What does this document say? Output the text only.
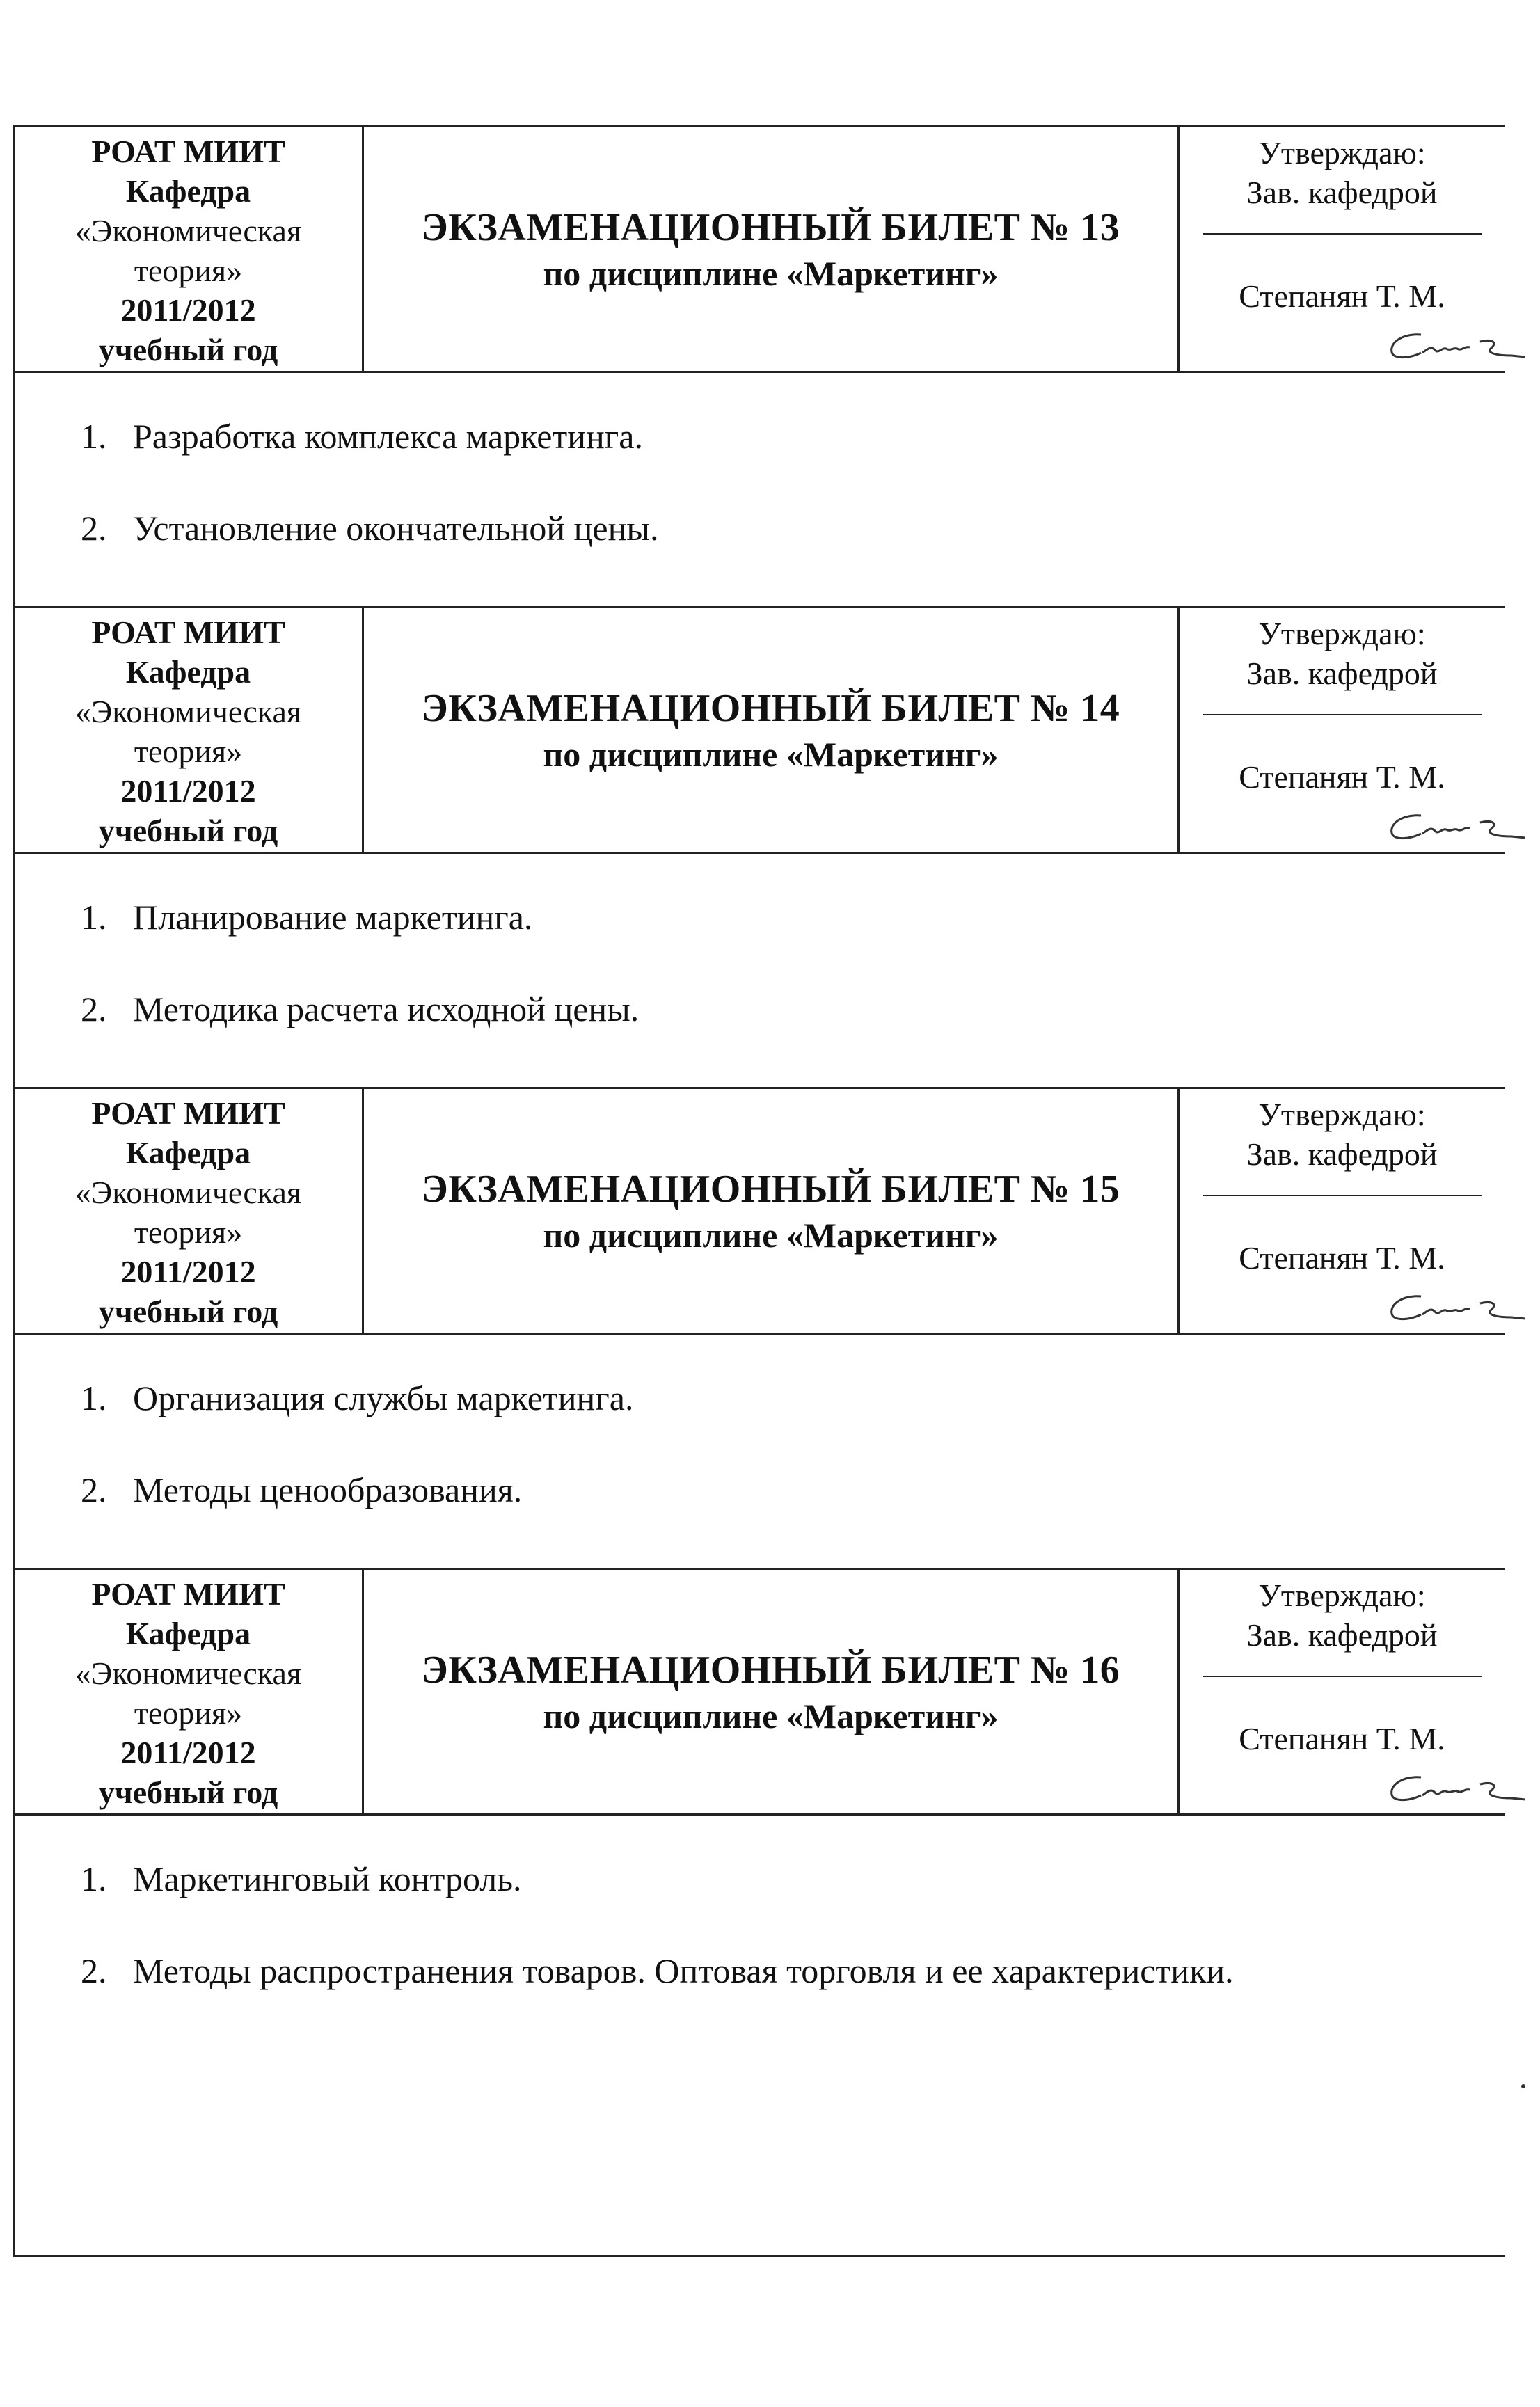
РОАТ МИИТ
Кафедра
«Экономическая
теория»
2011/2012
учебный год
ЭКЗАМЕНАЦИОННЫЙ БИЛЕТ № 13
по дисциплине «Маркетинг»
Утверждаю:
Зав. кафедрой
Степанян Т. М.
1. Разработка комплекса маркетинга.
2. Установление окончательной цены.
РОАТ МИИТ
Кафедра
«Экономическая
теория»
2011/2012
учебный год
ЭКЗАМЕНАЦИОННЫЙ БИЛЕТ № 14
по дисциплине «Маркетинг»
Утверждаю:
Зав. кафедрой
Степанян Т. М.
1. Планирование маркетинга.
2. Методика расчета исходной цены.
РОАТ МИИТ
Кафедра
«Экономическая
теория»
2011/2012
учебный год
ЭКЗАМЕНАЦИОННЫЙ БИЛЕТ № 15
по дисциплине «Маркетинг»
Утверждаю:
Зав. кафедрой
Степанян Т. М.
1. Организация службы маркетинга.
2. Методы ценообразования.
РОАТ МИИТ
Кафедра
«Экономическая
теория»
2011/2012
учебный год
ЭКЗАМЕНАЦИОННЫЙ БИЛЕТ № 16
по дисциплине «Маркетинг»
Утверждаю:
Зав. кафедрой
Степанян Т. М.
1. Маркетинговый контроль.
2. Методы распространения товаров. Оптовая торговля и ее характеристики.
